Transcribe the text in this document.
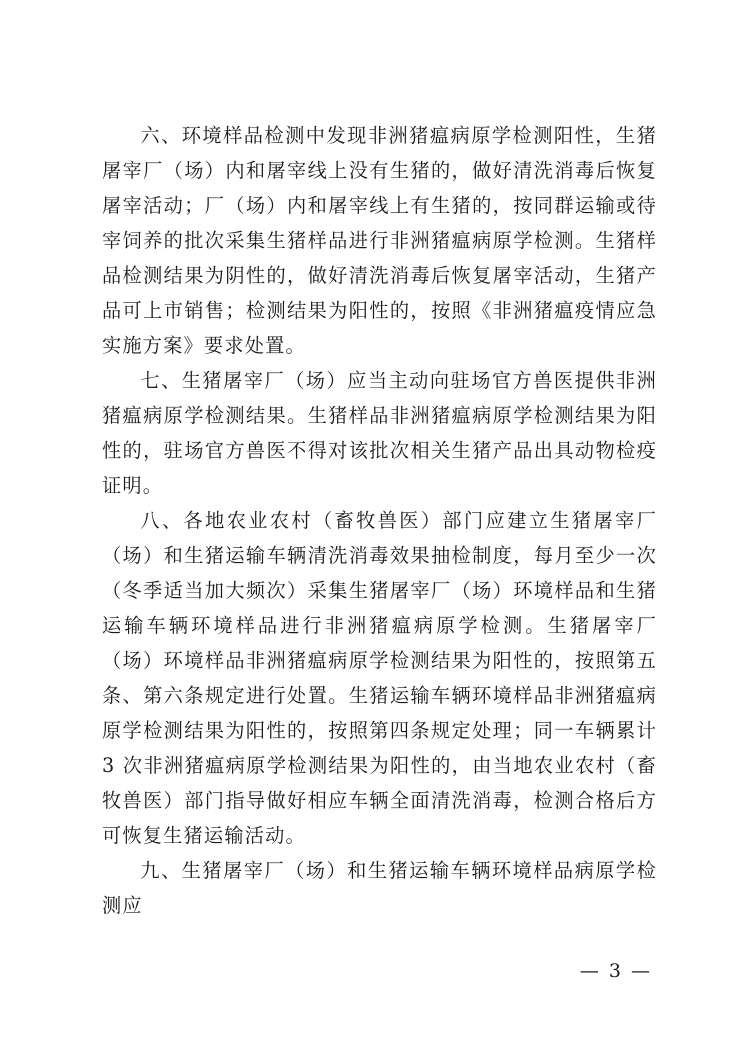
六、环境样品检测中发现非洲猪瘟病原学检测阳性，生猪屠宰厂（场）内和屠宰线上没有生猪的，做好清洗消毒后恢复屠宰活动；厂（场）内和屠宰线上有生猪的，按同群运输或待宰饲养的批次采集生猪样品进行非洲猪瘟病原学检测。生猪样品检测结果为阴性的，做好清洗消毒后恢复屠宰活动，生猪产品可上市销售；检测结果为阳性的，按照《非洲猪瘟疫情应急实施方案》要求处置。

七、生猪屠宰厂（场）应当主动向驻场官方兽医提供非洲猪瘟病原学检测结果。生猪样品非洲猪瘟病原学检测结果为阳性的，驻场官方兽医不得对该批次相关生猪产品出具动物检疫证明。

八、各地农业农村（畜牧兽医）部门应建立生猪屠宰厂（场）和生猪运输车辆清洗消毒效果抽检制度，每月至少一次（冬季适当加大频次）采集生猪屠宰厂（场）环境样品和生猪运输车辆环境样品进行非洲猪瘟病原学检测。生猪屠宰厂（场）环境样品非洲猪瘟病原学检测结果为阳性的，按照第五条、第六条规定进行处置。生猪运输车辆环境样品非洲猪瘟病原学检测结果为阳性的，按照第四条规定处理；同一车辆累计 3 次非洲猪瘟病原学检测结果为阳性的，由当地农业农村（畜牧兽医）部门指导做好相应车辆全面清洗消毒，检测合格后方可恢复生猪运输活动。

九、生猪屠宰厂（场）和生猪运输车辆环境样品病原学检测应

— 3 —
